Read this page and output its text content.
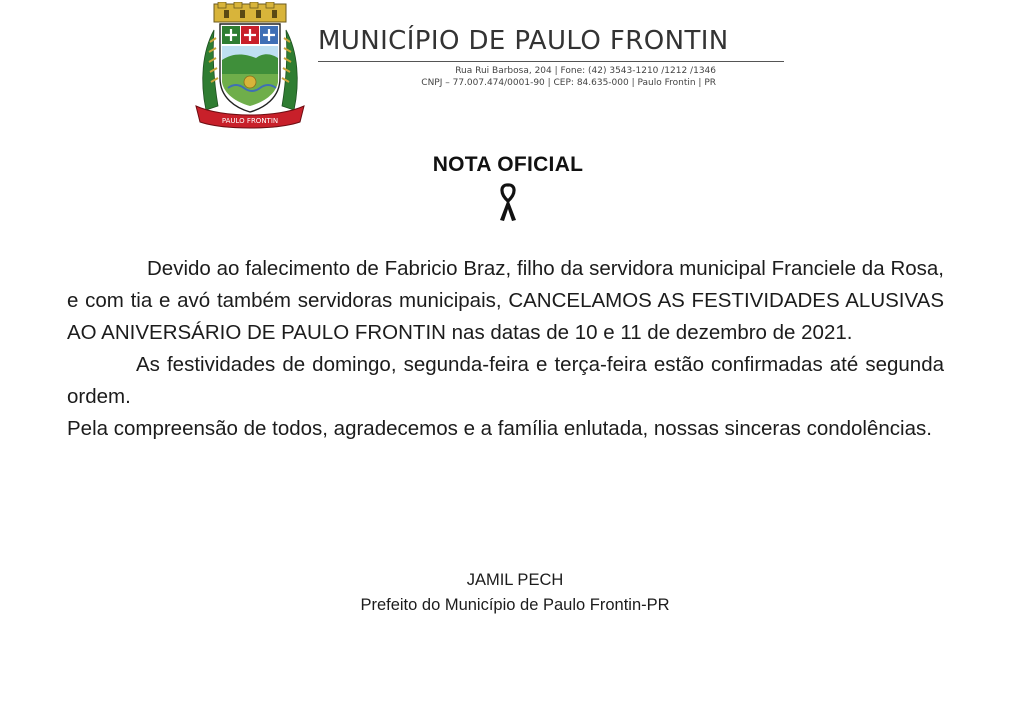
PAULO FRONTIN
MUNICÍPIO DE PAULO FRONTIN
Rua Rui Barbosa, 204 | Fone: (42) 3543-1210 /1212 /1346
CNPJ – 77.007.474/0001-90 | CEP: 84.635-000 | Paulo Frontin | PR
NOTA OFICIAL

Devido ao falecimento de Fabricio Braz, filho da servidora municipal Franciele da Rosa, e com tia e avó também servidoras municipais, CANCELAMOS AS FESTIVIDADES ALUSIVAS AO ANIVERSÁRIO DE PAULO FRONTIN nas datas de 10 e 11 de dezembro de 2021.

As festividades de domingo, segunda-feira e terça-feira estão confirmadas até segunda ordem.

Pela compreensão de todos, agradecemos e a família enlutada, nossas sinceras condolências.

JAMIL PECH
Prefeito do Município de Paulo Frontin-PR
